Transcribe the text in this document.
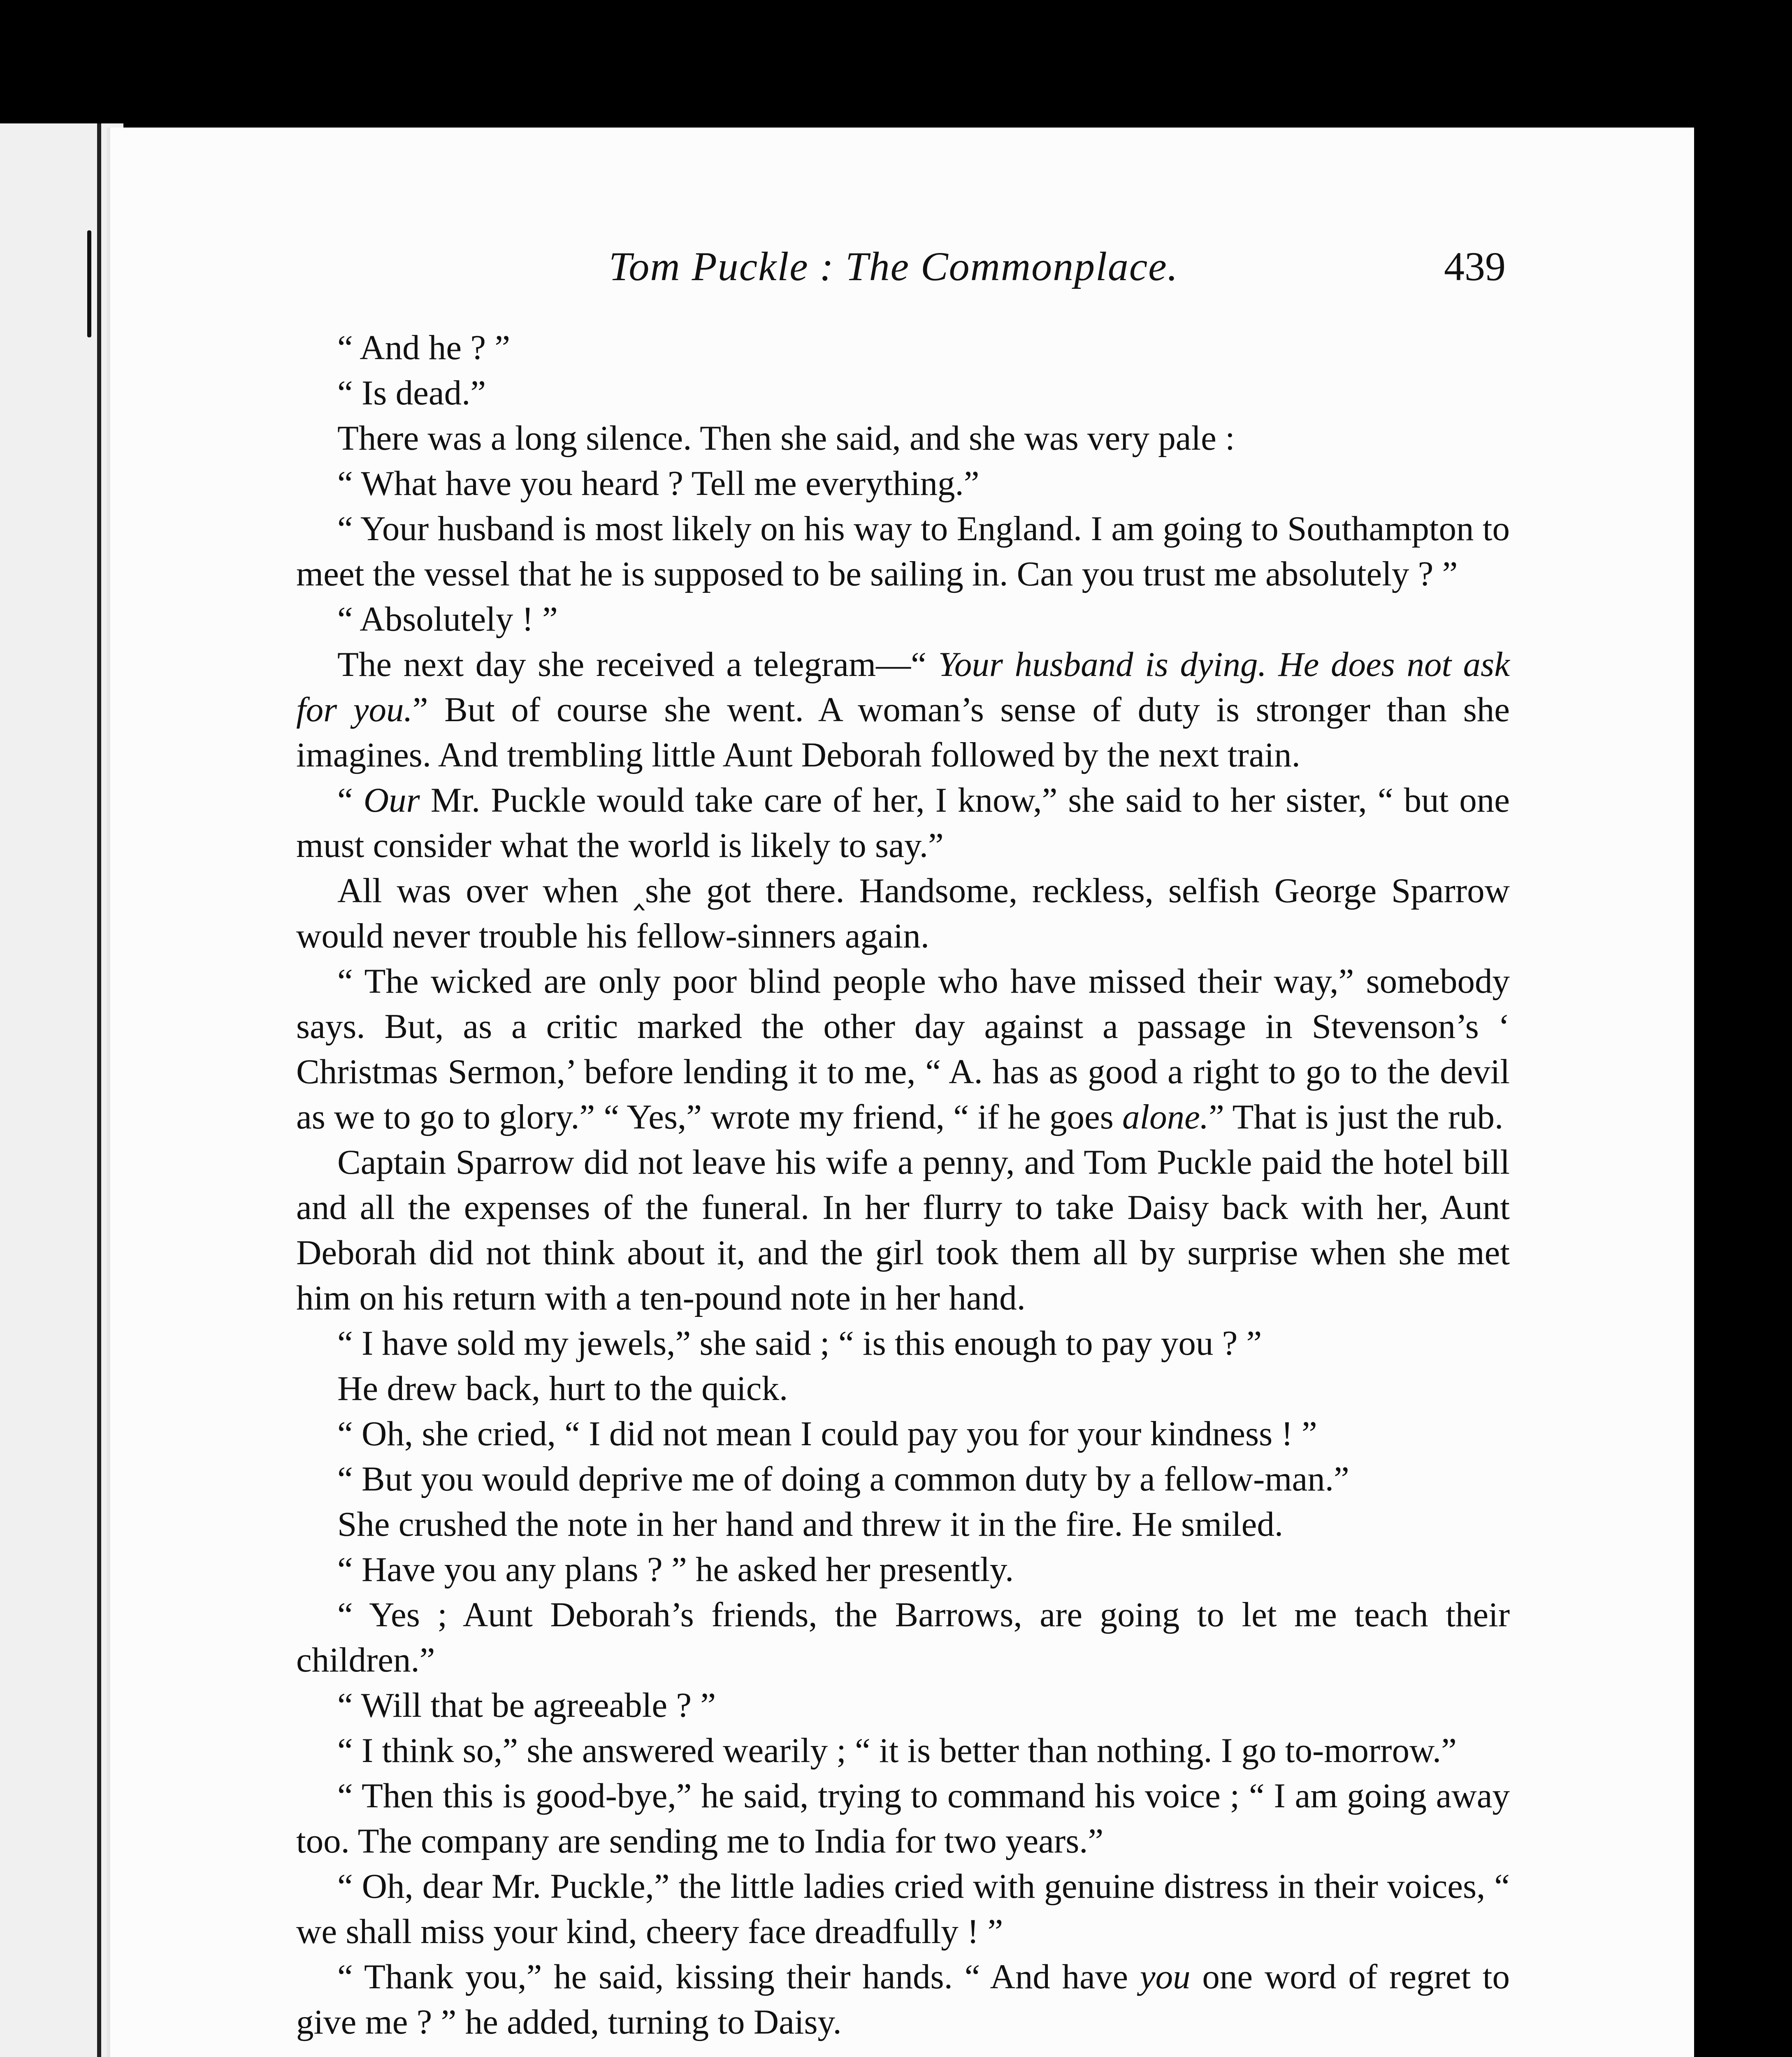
Tom Puckle : The Commonplace.	439

“ And he ? ”

“ Is dead.”

There was a long silence. Then she said, and she was very pale :

“ What have you heard ? Tell me everything.”

“ Your husband is most likely on his way to England. I am going to Southampton to meet the vessel that he is supposed to be sailing in. Can you trust me absolutely ? ”

“ Absolutely ! ”

The next day she received a telegram—“ Your husband is dying. He does not ask for you.” But of course she went. A woman’s sense of duty is stronger than she imagines. And trembling little Aunt Deborah followed by the next train.

“ Our Mr. Puckle would take care of her, I know,” she said to her sister, “ but one must consider what the world is likely to say.”

All was over when ‸she got there. Handsome, reckless, selfish George Sparrow would never trouble his fellow-sinners again.

“ The wicked are only poor blind people who have missed their way,” somebody says. But, as a critic marked the other day against a passage in Stevenson’s ‘ Christmas Sermon,’ before lending it to me, “ A. has as good a right to go to the devil as we to go to glory.” “ Yes,” wrote my friend, “ if he goes alone.” That is just the rub.

Captain Sparrow did not leave his wife a penny, and Tom Puckle paid the hotel bill and all the expenses of the funeral. In her flurry to take Daisy back with her, Aunt Deborah did not think about it, and the girl took them all by surprise when she met him on his return with a ten-pound note in her hand.

“ I have sold my jewels,” she said ; “ is this enough to pay you ? ”

He drew back, hurt to the quick.

“ Oh, she cried, “ I did not mean I could pay you for your kindness ! ”

“ But you would deprive me of doing a common duty by a fellow-man.”

She crushed the note in her hand and threw it in the fire. He smiled.

“ Have you any plans ? ” he asked her presently.

“ Yes ; Aunt Deborah’s friends, the Barrows, are going to let me teach their children.”

“ Will that be agreeable ? ”

“ I think so,” she answered wearily ; “ it is better than nothing. I go to-morrow.”

“ Then this is good-bye,” he said, trying to command his voice ; “ I am going away too. The company are sending me to India for two years.”

“ Oh, dear Mr. Puckle,” the little ladies cried with genuine distress in their voices, “ we shall miss your kind, cheery face dreadfully ! ”

“ Thank you,” he said, kissing their hands. “ And have you one word of regret to give me ? ” he added, turning to Daisy.
